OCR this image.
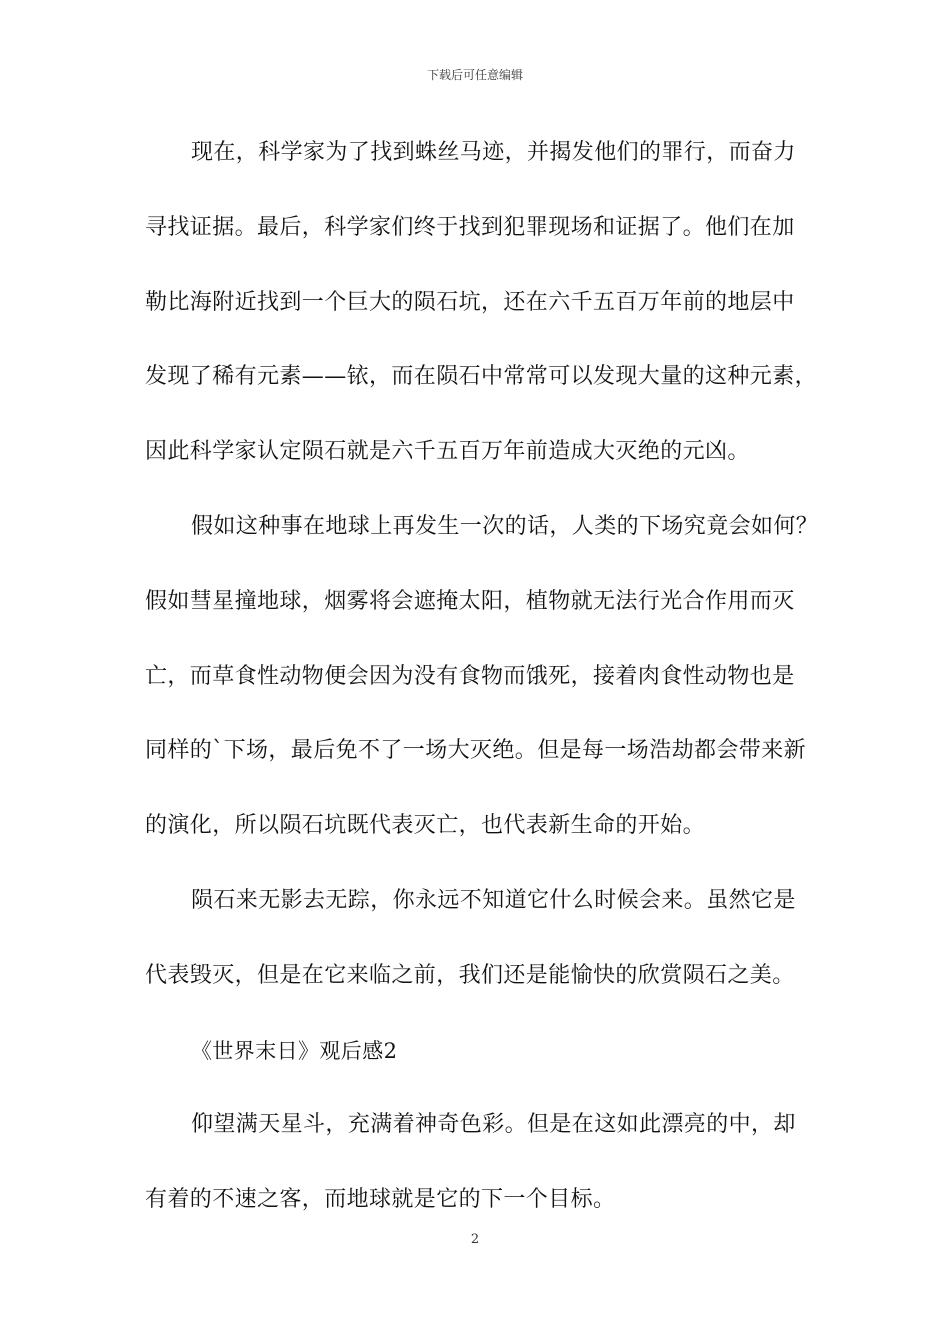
下载后可任意编辑
现在，科学家为了找到蛛丝马迹，并揭发他们的罪行，而奋力
寻找证据。最后，科学家们终于找到犯罪现场和证据了。他们在加
勒比海附近找到一个巨大的陨石坑，还在六千五百万年前的地层中
发现了稀有元素——铱，而在陨石中常常可以发现大量的这种元素，
因此科学家认定陨石就是六千五百万年前造成大灭绝的元凶。
假如这种事在地球上再发生一次的话，人类的下场究竟会如何？
假如彗星撞地球，烟雾将会遮掩太阳，植物就无法行光合作用而灭
亡，而草食性动物便会因为没有食物而饿死，接着肉食性动物也是
同样的`下场，最后免不了一场大灭绝。但是每一场浩劫都会带来新
的演化，所以陨石坑既代表灭亡，也代表新生命的开始。
陨石来无影去无踪，你永远不知道它什么时候会来。虽然它是
代表毁灭，但是在它来临之前，我们还是能愉快的欣赏陨石之美。
《世界末日》观后感2
仰望满天星斗，充满着神奇色彩。但是在这如此漂亮的中，却
有着的不速之客，而地球就是它的下一个目标。
2
